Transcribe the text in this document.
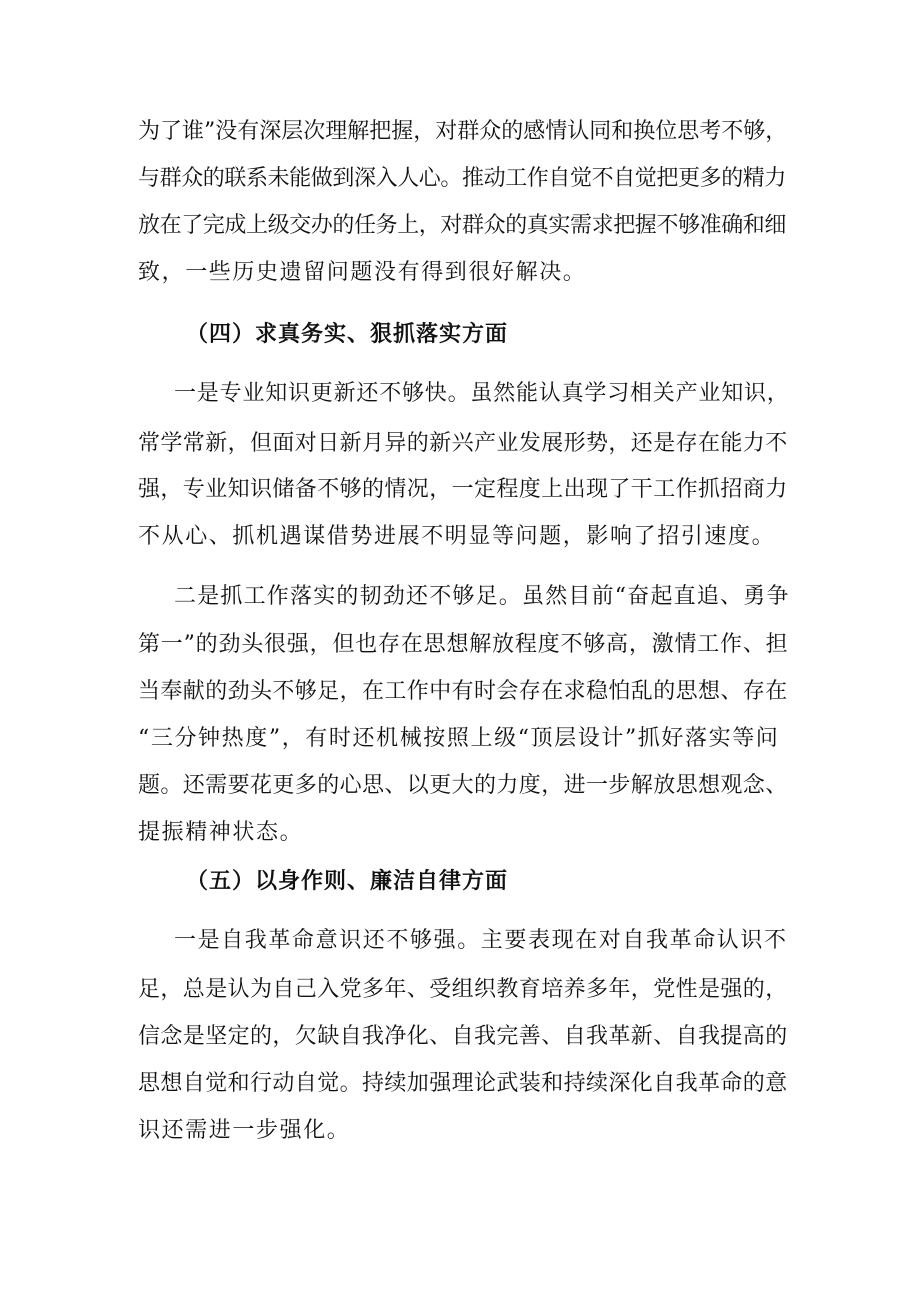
为了谁”没有深层次理解把握，对群众的感情认同和换位思考不够，
与群众的联系未能做到深入人心。推动工作自觉不自觉把更多的精力
放在了完成上级交办的任务上，对群众的真实需求把握不够准确和细
致，一些历史遗留问题没有得到很好解决。
（四）求真务实、狠抓落实方面
一是专业知识更新还不够快。虽然能认真学习相关产业知识，
常学常新，但面对日新月异的新兴产业发展形势，还是存在能力不
强，专业知识储备不够的情况，一定程度上出现了干工作抓招商力
不从心、抓机遇谋借势进展不明显等问题，影响了招引速度。
二是抓工作落实的韧劲还不够足。虽然目前“奋起直追、勇争
第一”的劲头很强，但也存在思想解放程度不够高，激情工作、担
当奉献的劲头不够足，在工作中有时会存在求稳怕乱的思想、存在
“三分钟热度”，有时还机械按照上级“顶层设计”抓好落实等问
题。还需要花更多的心思、以更大的力度，进一步解放思想观念、
提振精神状态。
（五）以身作则、廉洁自律方面
一是自我革命意识还不够强。主要表现在对自我革命认识不
足，总是认为自己入党多年、受组织教育培养多年，党性是强的，
信念是坚定的，欠缺自我净化、自我完善、自我革新、自我提高的
思想自觉和行动自觉。持续加强理论武装和持续深化自我革命的意
识还需进一步强化。
